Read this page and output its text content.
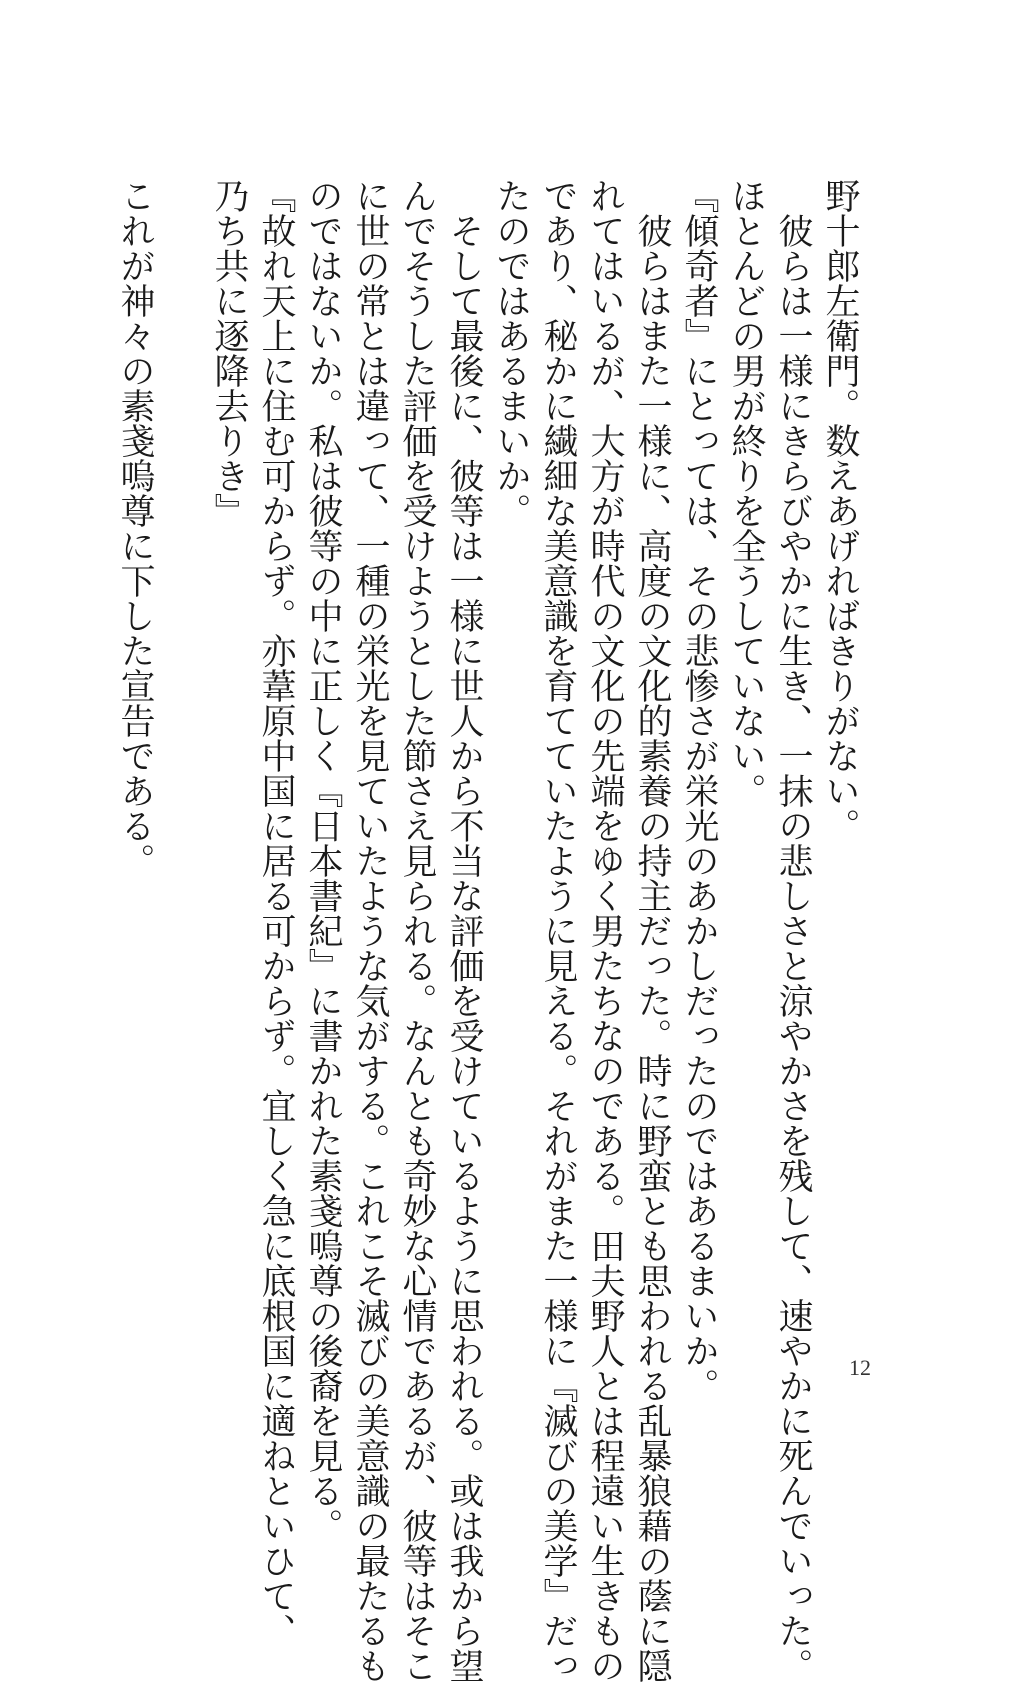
野十郎左衛門。数えあげればきりがない。
　彼らは一様にきらびやかに生き、一抹の悲しさと涼やかさを残して、速やかに死んでいった。
ほとんどの男が終りを全うしていない。
『傾奇者』にとっては、その悲惨さが栄光のあかしだったのではあるまいか。
　彼らはまた一様に、高度の文化的素養の持主だった。時に野蛮とも思われる乱暴狼藉の蔭に隠
れてはいるが、大方が時代の文化の先端をゆく男たちなのである。田夫野人とは程遠い生きもの
であり、秘かに繊細な美意識を育てていたように見える。それがまた一様に『滅びの美学』だっ
たのではあるまいか。
　そして最後に、彼等は一様に世人から不当な評価を受けているように思われる。或は我から望
んでそうした評価を受けようとした節さえ見られる。なんとも奇妙な心情であるが、彼等はそこ
に世の常とは違って、一種の栄光を見ていたような気がする。これこそ滅びの美意識の最たるも
のではないか。私は彼等の中に正しく『日本書紀』に書かれた素戔嗚尊の後裔を見る。
『故れ天上に住む可からず。亦葦原中国に居る可からず。宜しく急に底根国に適ねといひて、
乃ち共に逐降去りき』
これが神々の素戔嗚尊に下した宣告である。
12
